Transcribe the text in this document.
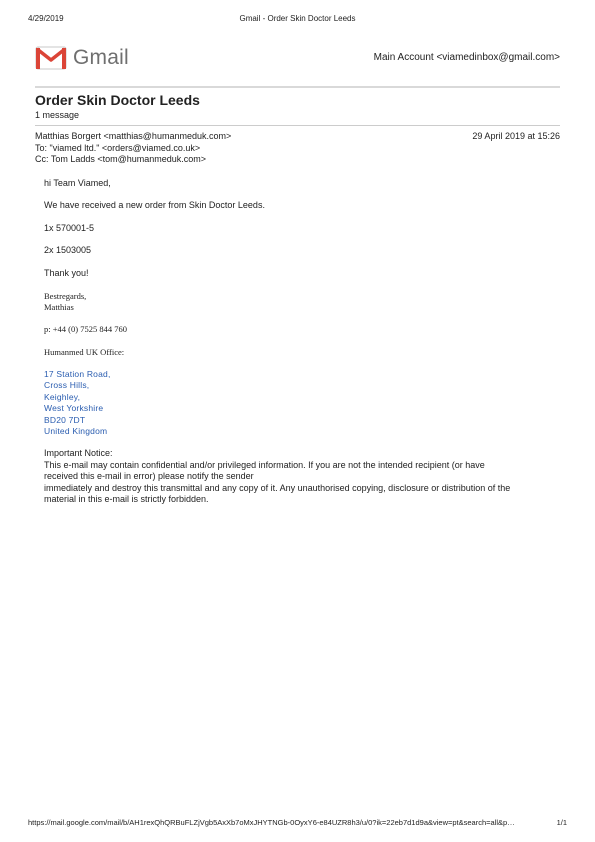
4/29/2019	Gmail - Order Skin Doctor Leeds
Gmail	Main Account <viamedinbox@gmail.com>
Order Skin Doctor Leeds
1 message
Matthias Borgert <matthias@humanmeduk.com>	29 April 2019 at 15:26
To: "viamed ltd." <orders@viamed.co.uk>
Cc: Tom Ladds <tom@humanmeduk.com>
hi Team Viamed,
We have received a new order from Skin Doctor Leeds.
1x 570001-5
2x 1503005
Thank you!
Bestregards,
Matthias
p: +44 (0) 7525 844 760
Humanmed UK Office:
17 Station Road,
Cross Hills,
Keighley,
West Yorkshire
BD20 7DT
United Kingdom
Important Notice:
This e-mail may contain confidential and/or privileged information. If you are not the intended recipient (or have
received this e-mail in error) please notify the sender
immediately and destroy this transmittal and any copy of it. Any unauthorised copying, disclosure or distribution of the
material in this e-mail is strictly forbidden.
https://mail.google.com/mail/b/AH1rexQhQRBuFLZjVgb5AxXb7oMxJHYTNGb-0OyxY6-e84UZR8h3/u/0?ik=22eb7d1d9a&view=pt&search=all&p…	1/1
